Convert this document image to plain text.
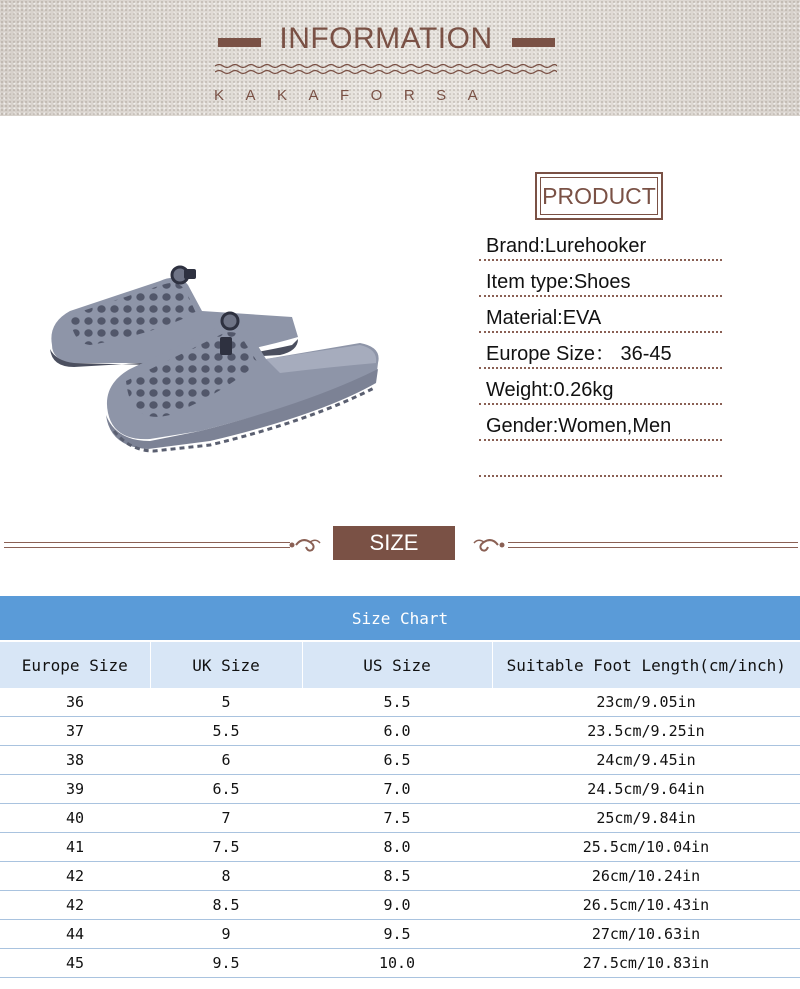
INFORMATION
KAKAFORSA
PRODUCT
Brand:Lurehooker
Item type:Shoes
Material:EVA
Europe Size： 36-45
Weight:0.26kg
Gender:Women,Men
SIZE
Size Chart			
Europe Size	UK Size	US Size	Suitable Foot Length(cm/inch)
36	5	5.5	23cm/9.05in
37	5.5	6.0	23.5cm/9.25in
38	6	6.5	24cm/9.45in
39	6.5	7.0	24.5cm/9.64in
40	7	7.5	25cm/9.84in
41	7.5	8.0	25.5cm/10.04in
42	8	8.5	26cm/10.24in
42	8.5	9.0	26.5cm/10.43in
44	9	9.5	27cm/10.63in
45	9.5	10.0	27.5cm/10.83in
